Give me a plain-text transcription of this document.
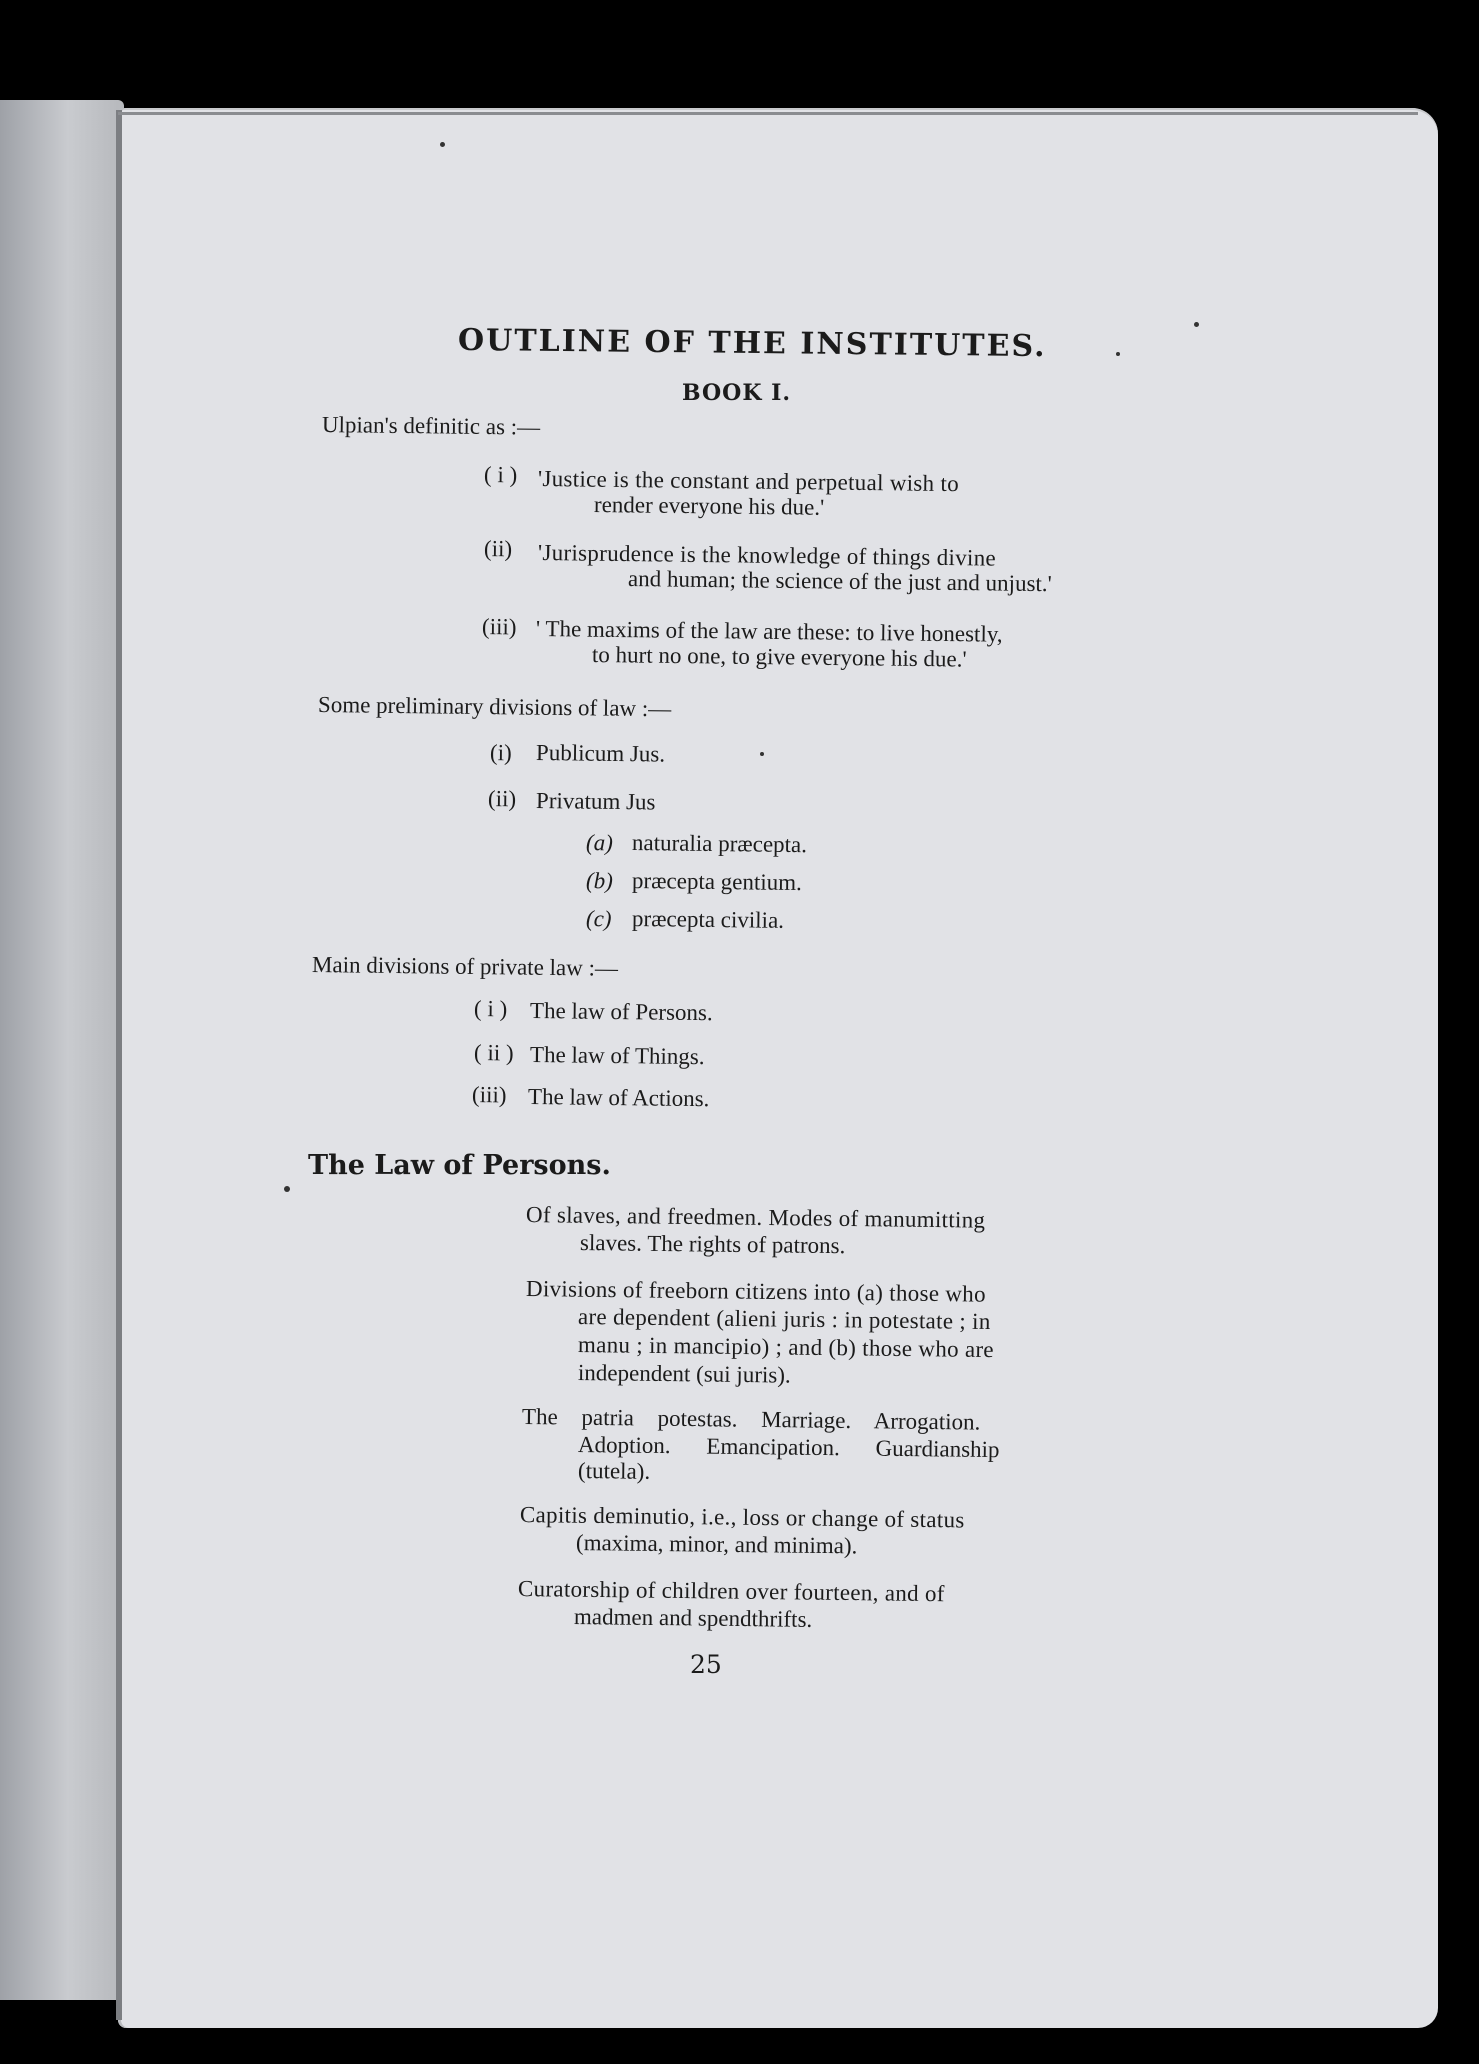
OUTLINE OF THE INSTITUTES.
BOOK I.
Ulpian's definitic as :—
( i ) 'Justice is the constant and perpetual wish to
render everyone his due.'
(ii) 'Jurisprudence is the knowledge of things divine
and human; the science of the just and unjust.'
(iii) ' The maxims of the law are these: to live honestly,
to hurt no one, to give everyone his due.'
Some preliminary divisions of law :—
(i) Publicum Jus.
(ii) Privatum Jus
(a) naturalia præcepta.
(b) præcepta gentium.
(c) præcepta civilia.
Main divisions of private law :—
( i ) The law of Persons.
( ii ) The law of Things.
(iii) The law of Actions.
The Law of Persons.
Of slaves, and freedmen. Modes of manumitting
slaves. The rights of patrons.
Divisions of freeborn citizens into (a) those who
are dependent (alieni juris : in potestate ; in
manu ; in mancipio) ; and (b) those who are
independent (sui juris).
The patria potestas. Marriage. Arrogation.
Adoption. Emancipation. Guardianship
(tutela).
Capitis deminutio, i.e., loss or change of status
(maxima, minor, and minima).
Curatorship of children over fourteen, and of
madmen and spendthrifts.
25
